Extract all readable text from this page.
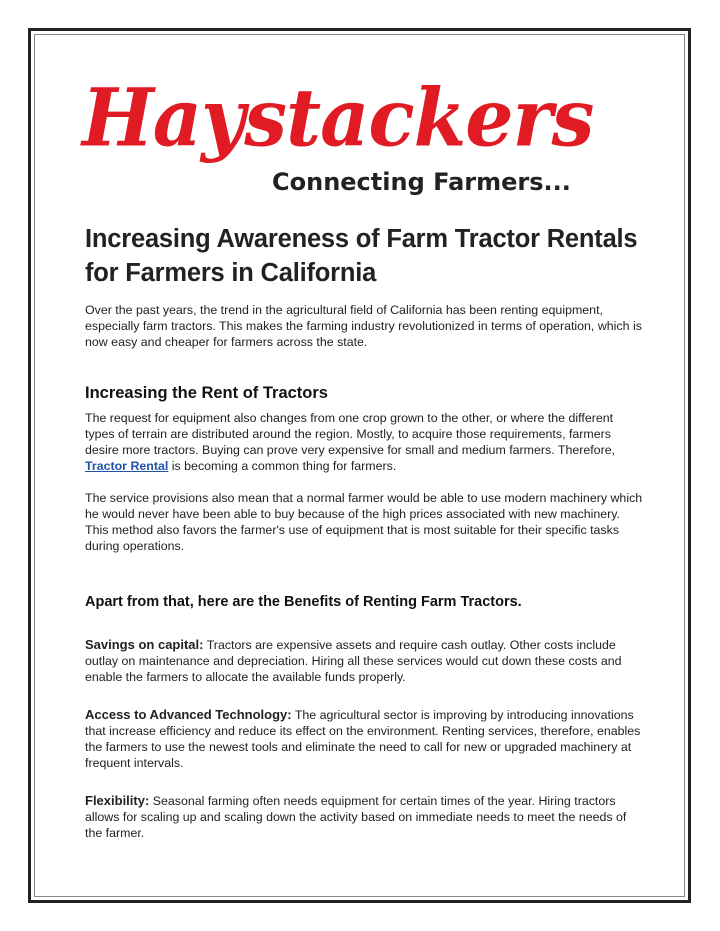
Haystackers
Connecting Farmers...
Increasing Awareness of Farm Tractor Rentals for Farmers in California

Over the past years, the trend in the agricultural field of California has been renting equipment, especially farm tractors. This makes the farming industry revolutionized in terms of operation, which is now easy and cheaper for farmers across the state.

Increasing the Rent of Tractors

The request for equipment also changes from one crop grown to the other, or where the different types of terrain are distributed around the region. Mostly, to acquire those requirements, farmers desire more tractors. Buying can prove very expensive for small and medium farmers. Therefore, Tractor Rental is becoming a common thing for farmers.

The service provisions also mean that a normal farmer would be able to use modern machinery which he would never have been able to buy because of the high prices associated with new machinery. This method also favors the farmer's use of equipment that is most suitable for their specific tasks during operations.

Apart from that, here are the Benefits of Renting Farm Tractors.

Savings on capital: Tractors are expensive assets and require cash outlay. Other costs include outlay on maintenance and depreciation. Hiring all these services would cut down these costs and enable the farmers to allocate the available funds properly.

Access to Advanced Technology: The agricultural sector is improving by introducing innovations that increase efficiency and reduce its effect on the environment. Renting services, therefore, enables the farmers to use the newest tools and eliminate the need to call for new or upgraded machinery at frequent intervals.

Flexibility: Seasonal farming often needs equipment for certain times of the year. Hiring tractors allows for scaling up and scaling down the activity based on immediate needs to meet the needs of the farmer.
